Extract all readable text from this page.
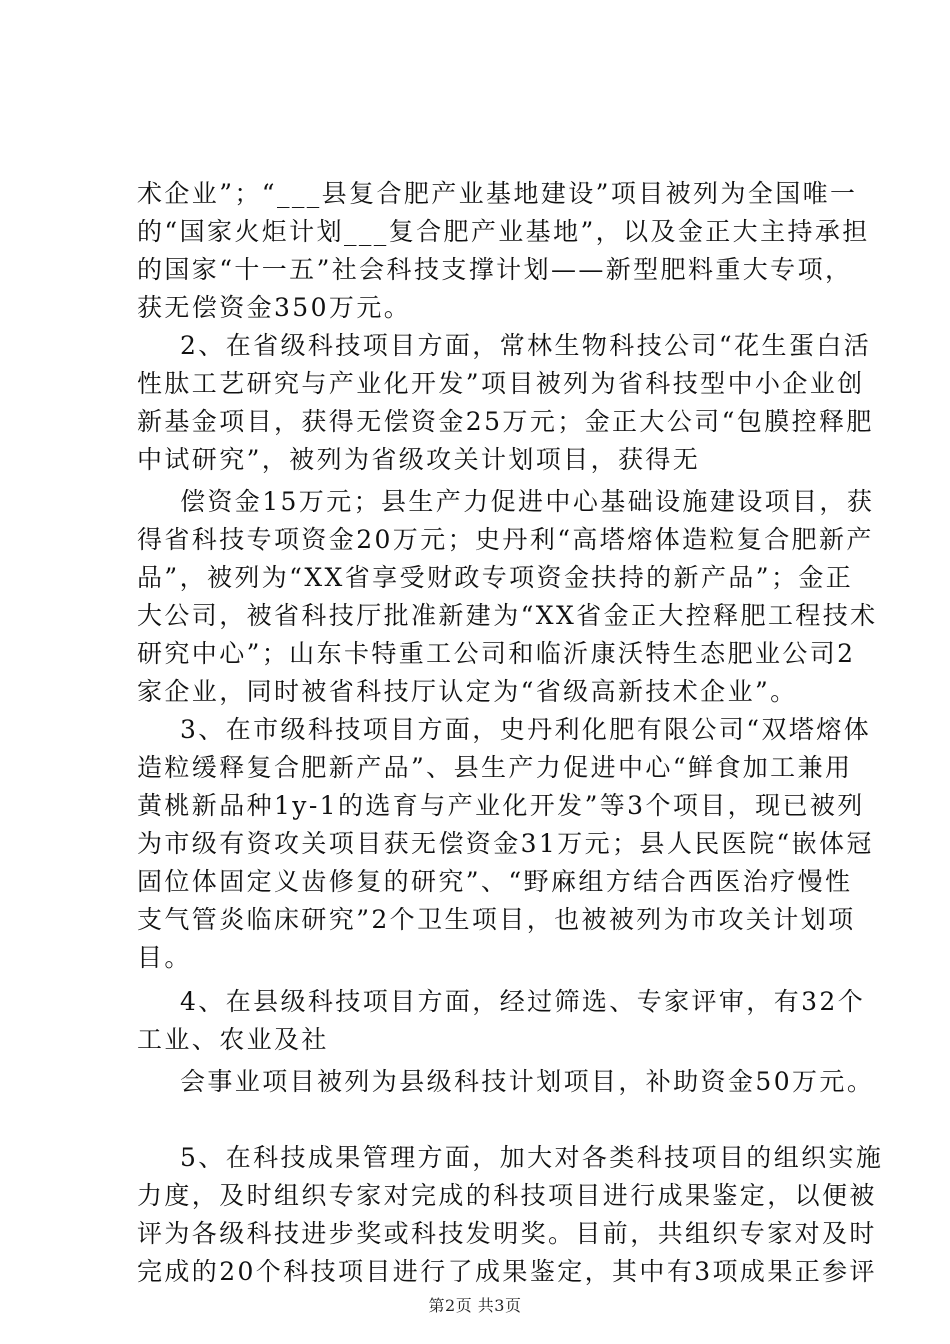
术企业”；“___县复合肥产业基地建设”项目被列为全国唯一
的“国家火炬计划___复合肥产业基地”，以及金正大主持承担
的国家“十一五”社会科技支撑计划——新型肥料重大专项，
获无偿资金350万元。
2、在省级科技项目方面，常林生物科技公司“花生蛋白活
性肽工艺研究与产业化开发”项目被列为省科技型中小企业创
新基金项目，获得无偿资金25万元；金正大公司“包膜控释肥
中试研究”，被列为省级攻关计划项目，获得无
偿资金15万元；县生产力促进中心基础设施建设项目，获
得省科技专项资金20万元；史丹利“高塔熔体造粒复合肥新产
品”，被列为“XX省享受财政专项资金扶持的新产品”；金正
大公司，被省科技厅批准新建为“XX省金正大控释肥工程技术
研究中心”；山东卡特重工公司和临沂康沃特生态肥业公司2
家企业，同时被省科技厅认定为“省级高新技术企业”。
3、在市级科技项目方面，史丹利化肥有限公司“双塔熔体
造粒缓释复合肥新产品”、县生产力促进中心“鲜食加工兼用
黄桃新品种1y-1的选育与产业化开发”等3个项目，现已被列
为市级有资攻关项目获无偿资金31万元；县人民医院“嵌体冠
固位体固定义齿修复的研究”、“野麻组方结合西医治疗慢性
支气管炎临床研究”2个卫生项目，也被被列为市攻关计划项
目。
4、在县级科技项目方面，经过筛选、专家评审，有32个
工业、农业及社
会事业项目被列为县级科技计划项目，补助资金50万元。
5、在科技成果管理方面，加大对各类科技项目的组织实施
力度，及时组织专家对完成的科技项目进行成果鉴定，以便被
评为各级科技进步奖或科技发明奖。目前，共组织专家对及时
完成的20个科技项目进行了成果鉴定，其中有3项成果正参评
第2页 共3页
